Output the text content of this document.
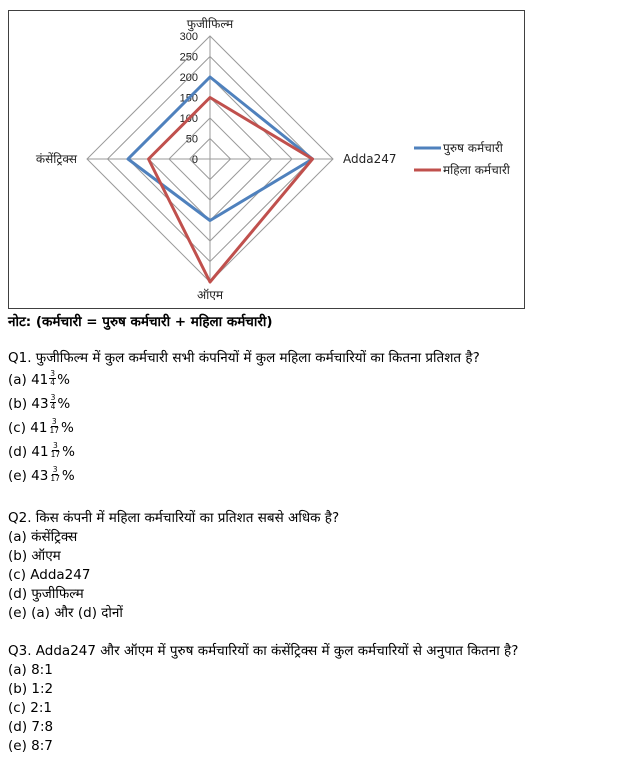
0
50
100
150
200
250
300
फुजीफिल्म
Adda247
ऑएम
कंसेंट्रिक्स
पुरुष कर्मचारी
महिला कर्मचारी
नोट: (कर्मचारी = पुरुष कर्मचारी + महिला कर्मचारी)
Q1. फुजीफिल्म में कुल कर्मचारी सभी कंपनियों में कुल महिला कर्मचारियों का कितना प्रतिशत है?
(a) $41 \frac{3}{4}$ %
(b) $43 \frac{3}{4}$ %
(c) $41 \frac{3}{17}$ %
(d) $41 \frac{3}{17}$ %
(e) $43 \frac{3}{17}$ %
Q2. किस कंपनी में महिला कर्मचारियों का प्रतिशत सबसे अधिक है?
(a) कंसेंट्रिक्स
(b) ऑएम
(c) Adda247
(d) फुजीफिल्म
(e) (a) और (d) दोनों
Q3. Adda247 और ऑएम में पुरुष कर्मचारियों का कंसेंट्रिक्स में कुल कर्मचारियों से अनुपात कितना है?
(a) 8:1
(b) 1:2
(c) 2:1
(d) 7:8
(e) 8:7
